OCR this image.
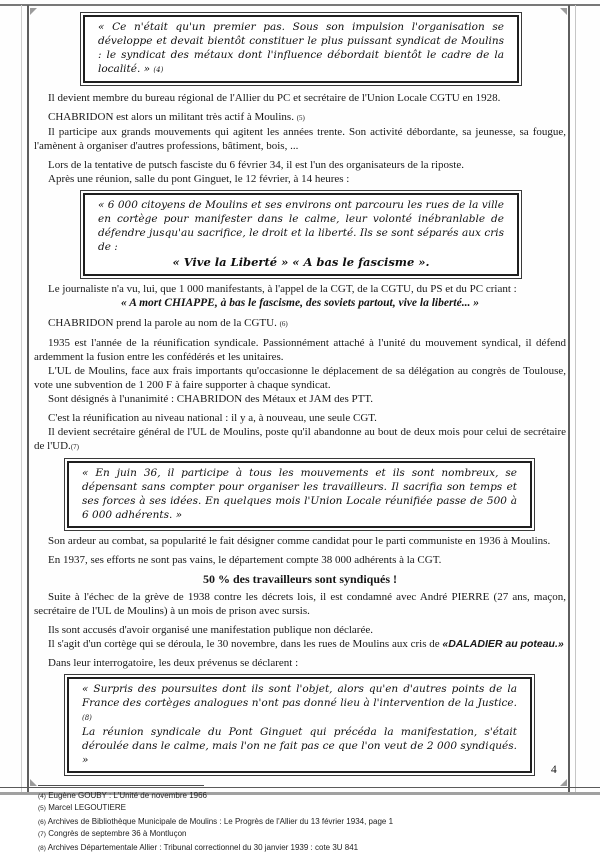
« Ce n'était qu'un premier pas. Sous son impulsion l'organisation se développe et devait bientôt constituer le plus puissant syndicat de Moulins : le syndicat des métaux dont l'influence débordait bientôt le cadre de la localité. » (4)

Il devient membre du bureau régional de l'Allier du PC et secrétaire de l'Union Locale CGTU en 1928.

CHABRIDON est alors un militant très actif à Moulins. (5)

Il participe aux grands mouvements qui agitent les années trente. Son activité débordante, sa jeunesse, sa fougue, l'amènent à organiser d'autres professions, bâtiment, bois, ...

Lors de la tentative de putsch fasciste du 6 février 34, il est l'un des organisateurs de la riposte.

Après une réunion, salle du pont Ginguet, le 12 février, à 14 heures :

« 6 000 citoyens de Moulins et ses environs ont parcouru les rues de la ville en cortège pour manifester dans le calme, leur volonté inébranlable de défendre jusqu'au sacrifice, le droit et la liberté. Ils se sont séparés aux cris de :

« Vive la Liberté » « A bas le fascisme ».

Le journaliste n'a vu, lui, que 1 000 manifestants, à l'appel de la CGT, de la CGTU, du PS et du PC criant :

« A mort CHIAPPE, à bas le fascisme, des soviets partout, vive la liberté... »

CHABRIDON prend la parole au nom de la CGTU. (6)

1935 est l'année de la réunification syndicale. Passionnément attaché à l'unité du mouvement syndical, il défend ardemment la fusion entre les confédérés et les unitaires.

L'UL de Moulins, face aux frais importants qu'occasionne le déplacement de sa délégation au congrès de Toulouse, vote une subvention de 1 200 F à faire supporter à chaque syndicat.

Sont désignés à l'unanimité : CHABRIDON des Métaux et JAM des PTT.

C'est la réunification au niveau national : il y a, à nouveau, une seule CGT.

Il devient secrétaire général de l'UL de Moulins, poste qu'il abandonne au bout de deux mois pour celui de secrétaire de l'UD.(7)

« En juin 36, il participe à tous les mouvements et ils sont nombreux, se dépensant sans compter pour organiser les travailleurs. Il sacrifia son temps et ses forces à ses idées. En quelques mois l'Union Locale réunifiée passe de 500 à 6 000 adhérents. »

Son ardeur au combat, sa popularité le fait désigner comme candidat pour le parti communiste en 1936 à Moulins.

En 1937, ses efforts ne sont pas vains, le département compte 38 000 adhérents à la CGT.

50 % des travailleurs sont syndiqués !

Suite à l'échec de la grève de 1938 contre les décrets lois, il est condamné avec André PIERRE (27 ans, maçon, secrétaire de l'UL de Moulins) à un mois de prison avec sursis.

Ils sont accusés d'avoir organisé une manifestation publique non déclarée.

Il s'agit d'un cortège qui se déroula, le 30 novembre, dans les rues de Moulins aux cris de «DALADIER au poteau.»

Dans leur interrogatoire, les deux prévenus se déclarent :

« Surpris des poursuites dont ils sont l'objet, alors qu'en d'autres points de la France des cortèges analogues n'ont pas donné lieu à l'intervention de la Justice. (8)
La réunion syndicale du Pont Ginguet qui précéda la manifestation, s'était déroulée dans le calme, mais l'on ne fait pas ce que l'on veut de 2 000 syndiqués. »

(4) Eugène GOUBY : L'Unité de novembre 1966

(5) Marcel LEGOUTIERE

(6) Archives de Bibliothèque Municipale de Moulins : Le Progrès de l'Allier du 13 février 1934, page 1

(7) Congrès de septembre 36 à Montluçon

(8) Archives Départementale Allier : Tribunal correctionnel du 30 janvier 1939 : cote 3U 841

4
